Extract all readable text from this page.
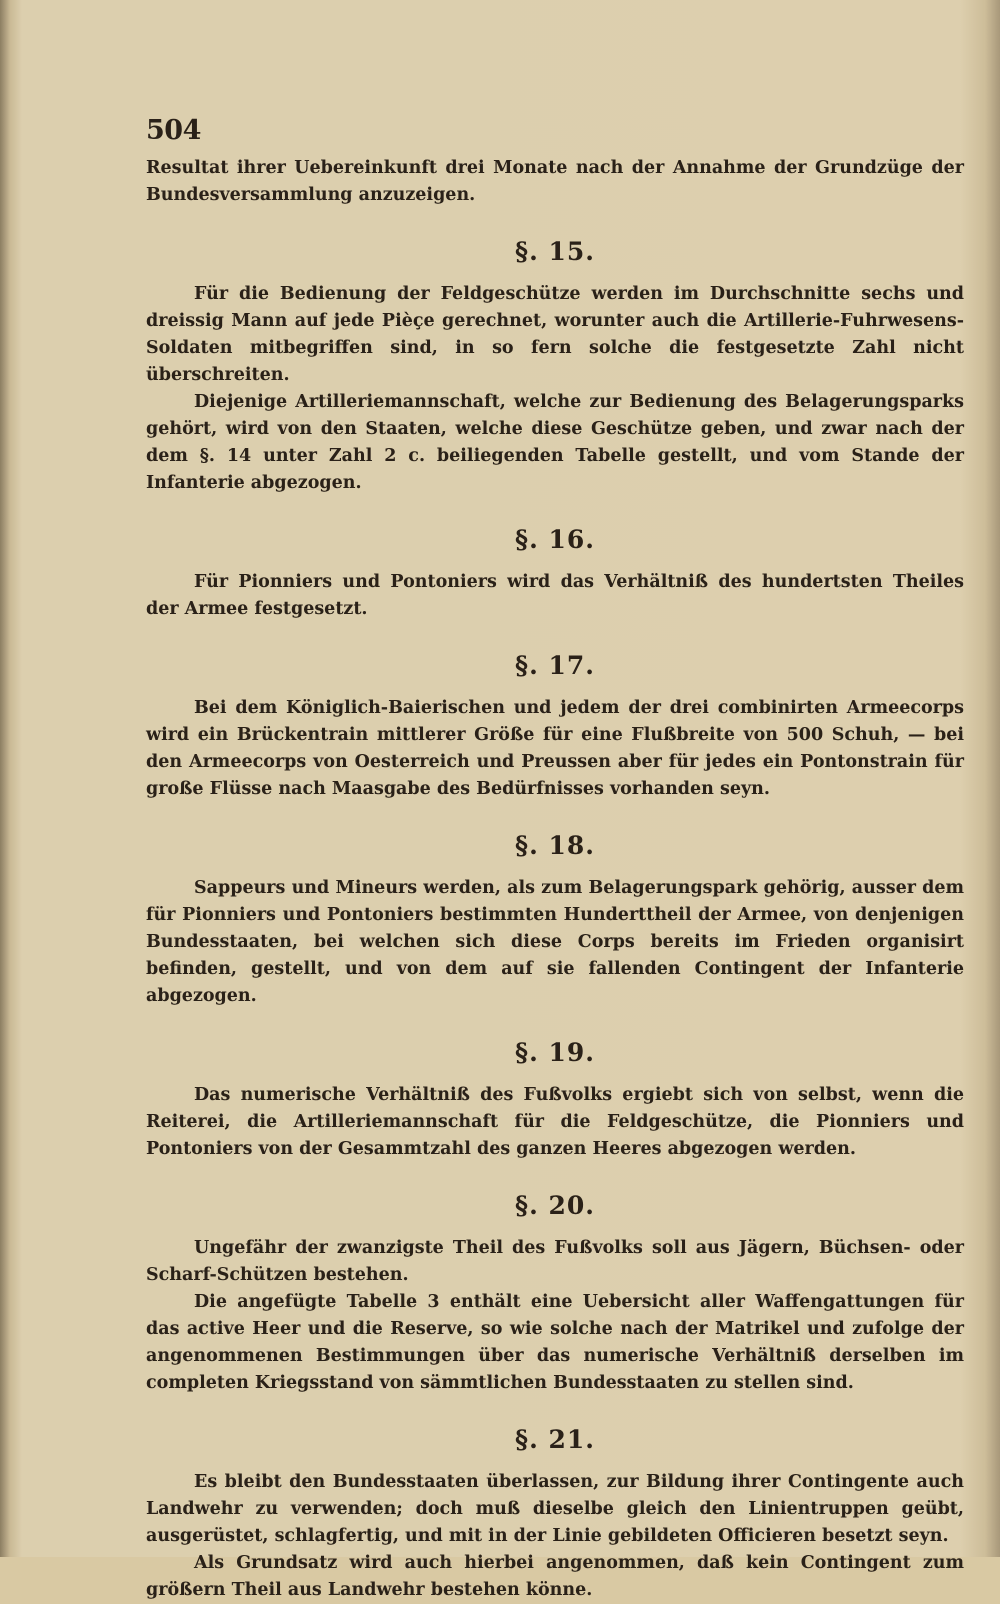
504

Resultat ihrer Uebereinkunft drei Monate nach der Annahme der Grundzüge der Bundesversammlung anzuzeigen.

§. 15.

Für die Bedienung der Feldgeschütze werden im Durchschnitte sechs und dreissig Mann auf jede Pièçe gerechnet, worunter auch die Artillerie-Fuhrwesens-Soldaten mitbegriffen sind, in so fern solche die festgesetzte Zahl nicht überschreiten.

Diejenige Artilleriemannschaft, welche zur Bedienung des Belagerungsparks gehört, wird von den Staaten, welche diese Geschütze geben, und zwar nach der dem §. 14 unter Zahl 2 c. beiliegenden Tabelle gestellt, und vom Stande der Infanterie abgezogen.

§. 16.

Für Pionniers und Pontoniers wird das Verhältniß des hundertsten Theiles der Armee festgesetzt.

§. 17.

Bei dem Königlich-Baierischen und jedem der drei combinirten Armeecorps wird ein Brückentrain mittlerer Größe für eine Flußbreite von 500 Schuh, — bei den Armeecorps von Oesterreich und Preussen aber für jedes ein Pontonstrain für große Flüsse nach Maasgabe des Bedürfnisses vorhanden seyn.

§. 18.

Sappeurs und Mineurs werden, als zum Belagerungspark gehörig, ausser dem für Pionniers und Pontoniers bestimmten Hunderttheil der Armee, von denjenigen Bundesstaaten, bei welchen sich diese Corps bereits im Frieden organisirt befinden, gestellt, und von dem auf sie fallenden Contingent der Infanterie abgezogen.

§. 19.

Das numerische Verhältniß des Fußvolks ergiebt sich von selbst, wenn die Reiterei, die Artilleriemannschaft für die Feldgeschütze, die Pionniers und Pontoniers von der Gesammtzahl des ganzen Heeres abgezogen werden.

§. 20.

Ungefähr der zwanzigste Theil des Fußvolks soll aus Jägern, Büchsen- oder Scharf-Schützen bestehen.

Die angefügte Tabelle 3 enthält eine Uebersicht aller Waffengattungen für das active Heer und die Reserve, so wie solche nach der Matrikel und zufolge der angenommenen Bestimmungen über das numerische Verhältniß derselben im completen Kriegsstand von sämmtlichen Bundesstaaten zu stellen sind.

§. 21.

Es bleibt den Bundesstaaten überlassen, zur Bildung ihrer Contingente auch Landwehr zu verwenden; doch muß dieselbe gleich den Linientruppen geübt, ausgerüstet, schlagfertig, und mit in der Linie gebildeten Officieren besetzt seyn.

Als Grundsatz wird auch hierbei angenommen, daß kein Contingent zum größern Theil aus Landwehr bestehen könne.
